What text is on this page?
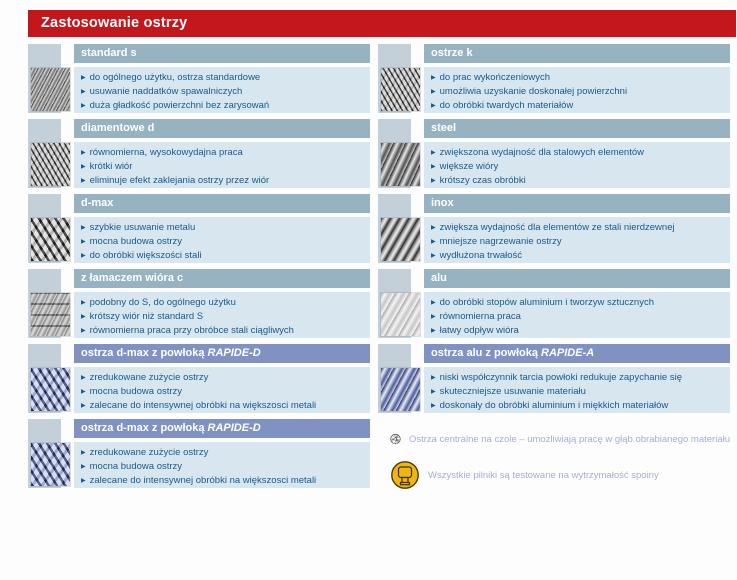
Zastosowanie ostrzy
standard s
▶ do ogólnego użytku, ostrza standardowe
▶ usuwanie naddatków spawalniczych
▶ duża gładkość powierzchni bez zarysowań
diamentowe d
▶ równomierna, wysokowydajna praca
▶ krótki wiór
▶ eliminuje efekt zaklejania ostrzy przez wiór
d-max
▶ szybkie usuwanie metalu
▶ mocna budowa ostrzy
▶ do obróbki większości stali
z łamaczem wióra c
▶ podobny do S, do ogólnego użytku
▶ krótszy wiór niż standard S
▶ równomierna praca przy obróbce stali ciągliwych
ostrza d-max z powłoką RAPIDE-D
▶ zredukowane zużycie ostrzy
▶ mocna budowa ostrzy
▶ zalecane do intensywnej obróbki na większosci metali
ostrza d-max z powłoką RAPIDE-D
▶ zredukowane zużycie ostrzy
▶ mocna budowa ostrzy
▶ zalecane do intensywnej obróbki na większosci metali
ostrze k
▶ do prac wykończeniowych
▶ umożliwia uzyskanie doskonałej powierzchni
▶ do obróbki twardych materiałów
steel
▶ zwiększona wydajność dla stalowych elementów
▶ większe wióry
▶ krótszy czas obróbki
inox
▶ zwiększa wydajność dla elementów ze stali nierdzewnej
▶ mniejsze nagrzewanie ostrzy
▶ wydłużona trwałość
alu
▶ do obróbki stopów aluminium i tworzyw sztucznych
▶ równomierna praca
▶ łatwy odpływ wióra
ostrza alu z powłoką RAPIDE-A
▶ niski współczynnik tarcia powłoki redukuje zapychanie się
▶ skuteczniejsze usuwanie materiału
▶ doskonały do obróbki aluminium i miękkich materiałów
Ostrza centralne na czole – umożliwiają pracę w głąb obrabianego materiału
Wszystkie pilniki są testowane na wytrzymałość spoiny
